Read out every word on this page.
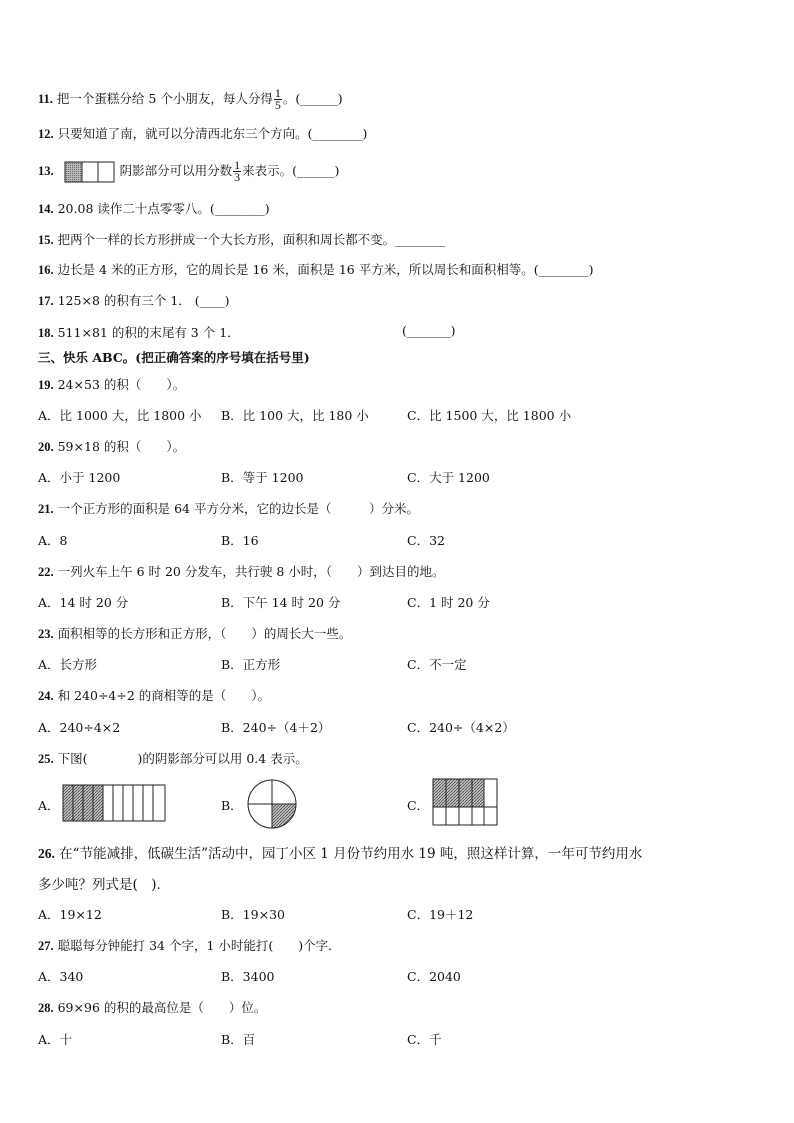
11. 把一个蛋糕分给 5 个小朋友，每人分得 $\frac{1}{5}$ 。(______)
12. 只要知道了南，就可以分清西北东三个方向。(________)
13.	阴影部分可以用分数 $\frac{1}{3}$ 来表示。(______)
14. 20.08 读作二十点零零八。(________)
15. 把两个一样的长方形拼成一个大长方形，面积和周长都不变。________
16. 边长是 4 米的正方形，它的周长是 16 米，面积是 16 平方米，所以周长和面积相等。(________)
17. 125×8 的积有三个 1． (____)
18. 511×81 的积的末尾有 3 个 1．	(_______)
三、快乐 ABC。(把正确答案的序号填在括号里)
19. 24×53 的积（　　）。
A．比 1000 大，比 1800 小 B．比 100 大，比 180 小	C．比 1500 大，比 1800 小
20. 59×18 的积（　　）。
A．小于 1200	B．等于 1200	C．大于 1200
21. 一个正方形的面积是 64 平方分米，它的边长是（　　　）分米。
A．8	B．16	C．32
22. 一列火车上午 6 时 20 分发车，共行驶 8 小时，（　　）到达目的地。
A．14 时 20 分	B．下午 14 时 20 分	C．1 时 20 分
23. 面积相等的长方形和正方形，（　　）的周长大一些。
A．长方形	B．正方形	C．不一定
24. 和 240÷4÷2 的商相等的是（　　）。
A．240÷4×2	B．240÷（4＋2）	C．240÷（4×2）
25. 下图(　　　　)的阴影部分可以用 0.4 表示。
A．	B．	C．
26. 在“节能减排，低碳生活”活动中，园丁小区 1 月份节约用水 19 吨，照这样计算，一年可节约用水
多少吨？列式是(　)．
A．19×12	B．19×30	C．19＋12
27. 聪聪每分钟能打 34 个字，1 小时能打(　　)个字．
A．340	B．3400	C．2040
28. 69×96 的积的最高位是（　　）位。
A．十	B．百	C．千
